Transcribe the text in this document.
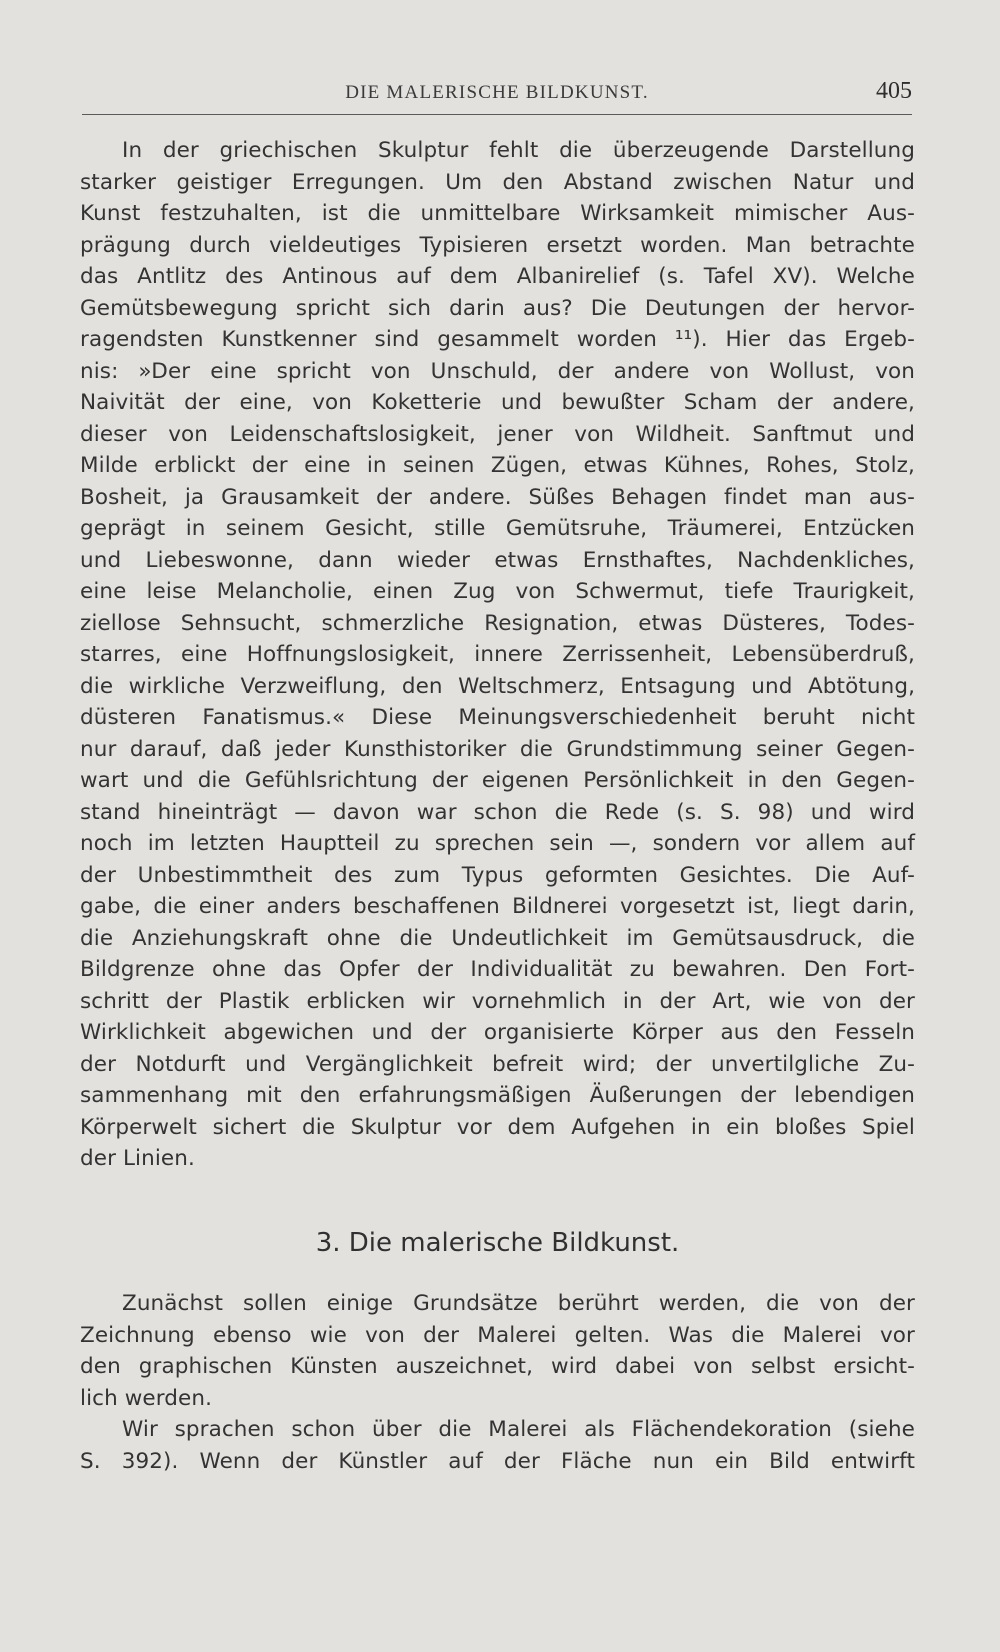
DIE MALERISCHE BILDKUNST.	405
In der griechischen Skulptur fehlt die überzeugende Darstellung
starker geistiger Erregungen. Um den Abstand zwischen Natur und
Kunst festzuhalten, ist die unmittelbare Wirksamkeit mimischer Aus-
prägung durch vieldeutiges Typisieren ersetzt worden. Man betrachte
das Antlitz des Antinous auf dem Albanirelief (s. Tafel XV). Welche
Gemütsbewegung spricht sich darin aus? Die Deutungen der hervor-
ragendsten Kunstkenner sind gesammelt worden ¹¹). Hier das Ergeb-
nis: »Der eine spricht von Unschuld, der andere von Wollust, von
Naivität der eine, von Koketterie und bewußter Scham der andere,
dieser von Leidenschaftslosigkeit, jener von Wildheit. Sanftmut und
Milde erblickt der eine in seinen Zügen, etwas Kühnes, Rohes, Stolz,
Bosheit, ja Grausamkeit der andere. Süßes Behagen findet man aus-
geprägt in seinem Gesicht, stille Gemütsruhe, Träumerei, Entzücken
und Liebeswonne, dann wieder etwas Ernsthaftes, Nachdenkliches,
eine leise Melancholie, einen Zug von Schwermut, tiefe Traurigkeit,
ziellose Sehnsucht, schmerzliche Resignation, etwas Düsteres, Todes-
starres, eine Hoffnungslosigkeit, innere Zerrissenheit, Lebensüberdruß,
die wirkliche Verzweiflung, den Weltschmerz, Entsagung und Abtötung,
düsteren Fanatismus.« Diese Meinungsverschiedenheit beruht nicht
nur darauf, daß jeder Kunsthistoriker die Grundstimmung seiner Gegen-
wart und die Gefühlsrichtung der eigenen Persönlichkeit in den Gegen-
stand hineinträgt — davon war schon die Rede (s. S. 98) und wird
noch im letzten Hauptteil zu sprechen sein —, sondern vor allem auf
der Unbestimmtheit des zum Typus geformten Gesichtes. Die Auf-
gabe, die einer anders beschaffenen Bildnerei vorgesetzt ist, liegt darin,
die Anziehungskraft ohne die Undeutlichkeit im Gemütsausdruck, die
Bildgrenze ohne das Opfer der Individualität zu bewahren. Den Fort-
schritt der Plastik erblicken wir vornehmlich in der Art, wie von der
Wirklichkeit abgewichen und der organisierte Körper aus den Fesseln
der Notdurft und Vergänglichkeit befreit wird; der unvertilgliche Zu-
sammenhang mit den erfahrungsmäßigen Äußerungen der lebendigen
Körperwelt sichert die Skulptur vor dem Aufgehen in ein bloßes Spiel
der Linien.
3. Die malerische Bildkunst.
Zunächst sollen einige Grundsätze berührt werden, die von der
Zeichnung ebenso wie von der Malerei gelten. Was die Malerei vor
den graphischen Künsten auszeichnet, wird dabei von selbst ersicht-
lich werden.
Wir sprachen schon über die Malerei als Flächendekoration (siehe
S. 392). Wenn der Künstler auf der Fläche nun ein Bild entwirft
